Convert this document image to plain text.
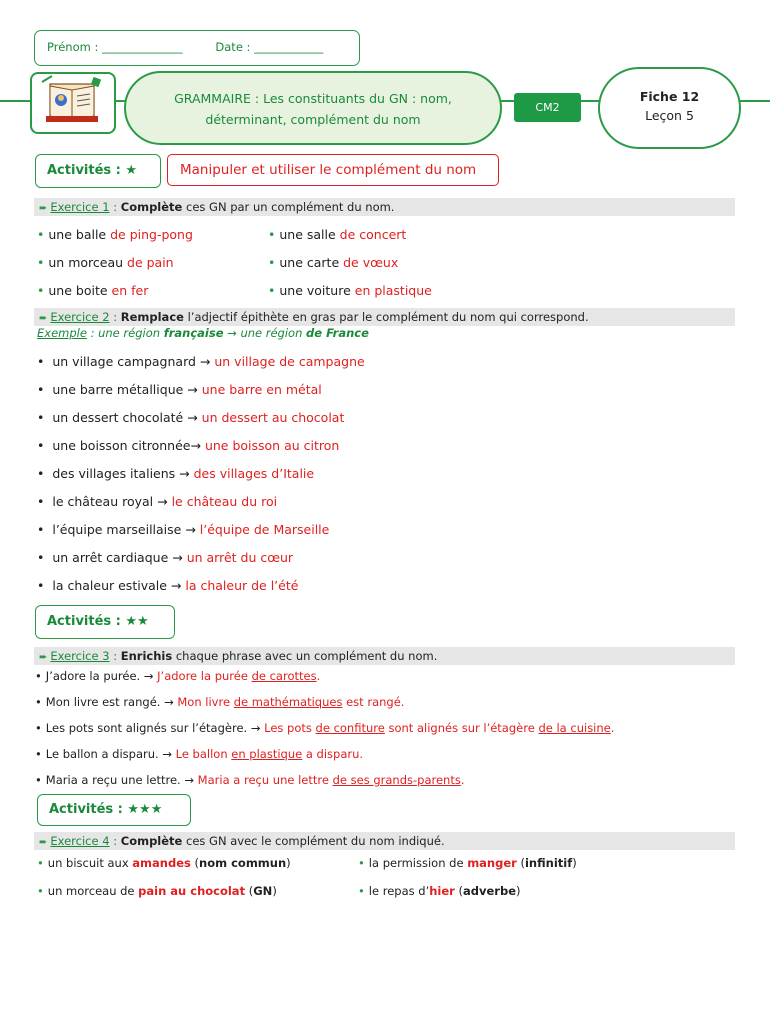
Prénom : ______________	Date : ____________
GRAMMAIRE : Les constituants du GN : nom,
déterminant, complément du nom
CM2
Fiche 12
Leçon 5
Activités : ★	Manipuler et utiliser le complément du nom
➨ Exercice 1 : Complète ces GN par un complément du nom.
• une balle de ping-pong	• une salle de concert
• un morceau de pain	• une carte de vœux
• une boite en fer	• une voiture en plastique
➨ Exercice 2 : Remplace l’adjectif épithète en gras par le complément du nom qui correspond.
Exemple : une région française → une région de France
• un village campagnard → un village de campagne
• une barre métallique → une barre en métal
• un dessert chocolaté → un dessert au chocolat
• une boisson citronnée→ une boisson au citron
• des villages italiens → des villages d’Italie
• le château royal → le château du roi
• l’équipe marseillaise → l’équipe de Marseille
• un arrêt cardiaque → un arrêt du cœur
• la chaleur estivale → la chaleur de l’été
Activités : ★★
➨ Exercice 3 : Enrichis chaque phrase avec un complément du nom.
• J’adore la purée. → J’adore la purée de carottes.
• Mon livre est rangé. → Mon livre de mathématiques est rangé.
• Les pots sont alignés sur l’étagère. → Les pots de confiture sont alignés sur l’étagère de la cuisine.
• Le ballon a disparu. → Le ballon en plastique a disparu.
• Maria a reçu une lettre. → Maria a reçu une lettre de ses grands-parents.
Activités : ★★★
➨ Exercice 4 : Complète ces GN avec le complément du nom indiqué.
• un biscuit aux amandes (nom commun)	• la permission de manger (infinitif)
• un morceau de pain au chocolat (GN)	• le repas d’hier (adverbe)
